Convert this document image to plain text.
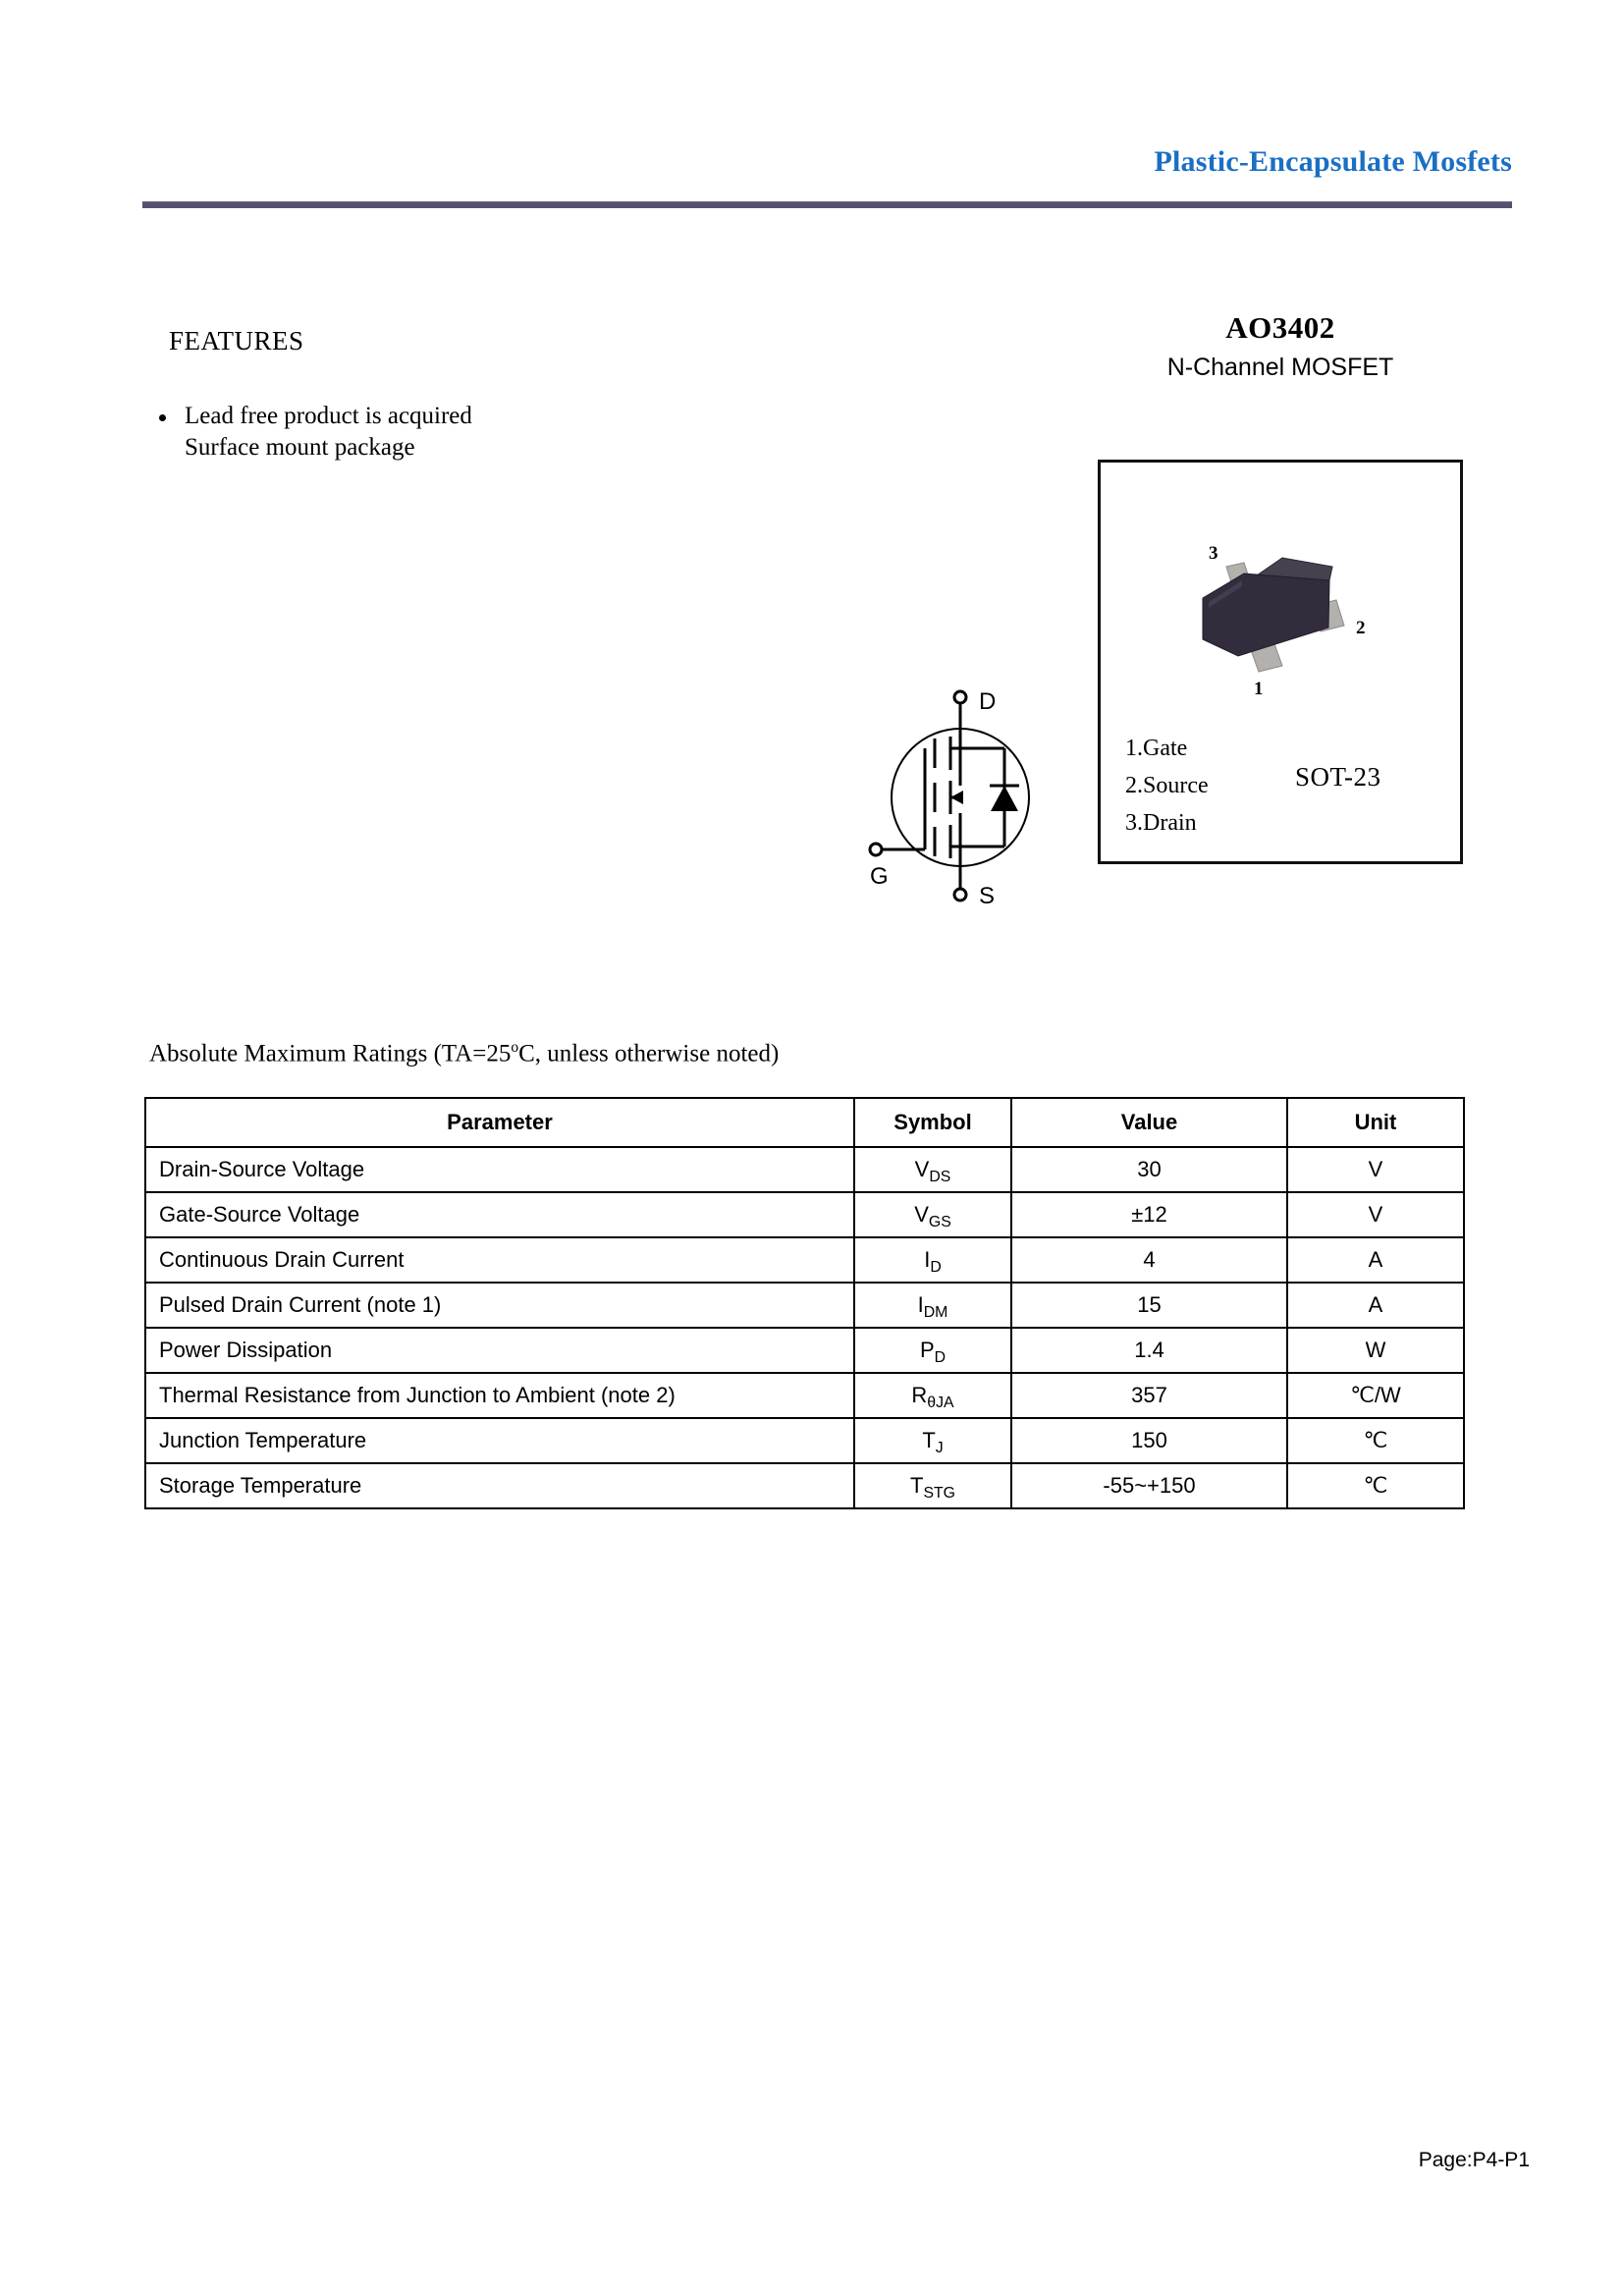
Plastic-Encapsulate Mosfets
FEATURES
Lead free product is acquired
Surface mount package
AO3402
N-Channel MOSFET
D
G
S
3
1
2
1.Gate
2.Source
3.Drain
SOT-23
Absolute Maximum Ratings ($TA=25^oC$, unless otherwise noted)
Parameter	Symbol	Value	Unit
Drain-Source Voltage	$V_{DS}$	30	V
Gate-Source Voltage	$V_{GS}$	±12	V
Continuous Drain Current	$I_D$	4	A
Pulsed Drain Current (note 1)	$I_{DM}$	15	A
Power Dissipation	$P_D$	1.4	W
Thermal Resistance from Junction to Ambient (note 2)	$R_{\theta JA}$	357	℃/W
Junction Temperature	$T_J$	150	℃
Storage Temperature	$T_{STG}$	-55~+150	℃
Page:P4-P1
